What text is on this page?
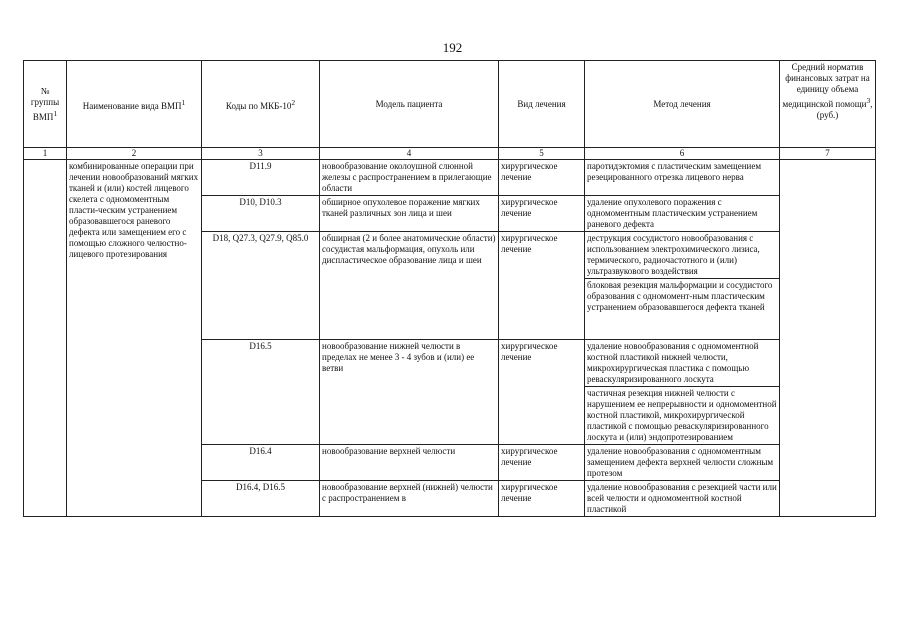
192
№ группы ВМП$^1$	Наименование вида ВМП$^1$	Коды по МКБ-$10^2$	Модель пациента	Вид лечения	Метод лечения	Средний норматив финансовых затрат на единицу объема медицинской помощи$^3$, (руб.)
1	2	3	4	5	6	7
	комбинированные операции при лечении новообразований мягких тканей и (или) костей лицевого скелета с одномоментным пласти-ческим устранением образовавшегося раневого дефекта или замещением его с помощью сложного челюстно-лицевого протезирования	D11.9	новообразование околоушной слюнной железы с распространением в прилегающие области	хирургическое лечение	паротидэктомия с пластическим замещением резецированного отрезка лицевого нерва	
		D10, D10.3	обширное опухолевое поражение мягких тканей различных зон лица и шеи	хирургическое лечение	удаление опухолевого поражения с одномоментным пластическим устранением раневого дефекта	
		D18, Q27.3, Q27.9, Q85.0	обширная (2 и более анатомические области) сосудистая мальформация, опухоль или диспластическое образование лица и шеи	хирургическое лечение	деструкция сосудистого новообразования с использованием электрохимического лизиса, термического, радиочастотного и (или) ультразвукового воздействия	
					блоковая резекция мальформации и сосудистого образования с одномомент-ным пластическим устранением образовавшегося дефекта тканей	
		D16.5	новообразование нижней челюсти в пределах не менее 3 - 4 зубов и (или) ее ветви	хирургическое лечение	удаление новообразования с одномоментной костной пластикой нижней челюсти, микрохирургическая пластика с помощью реваскуляризированного лоскута	
					частичная резекция нижней челюсти с нарушением ее непрерывности и одномоментной костной пластикой, микрохирургической пластикой с помощью реваскуляризированного лоскута и (или) эндопротезированием	
		D16.4	новообразование верхней челюсти	хирургическое лечение	удаление новообразования с одномоментным замещением дефекта верхней челюсти сложным протезом	
		D16.4, D16.5	новообразование верхней (нижней) челюсти с распространением в	хирургическое лечение	удаление новообразования с резекцией части или всей челюсти и одномоментной костной пластикой	
